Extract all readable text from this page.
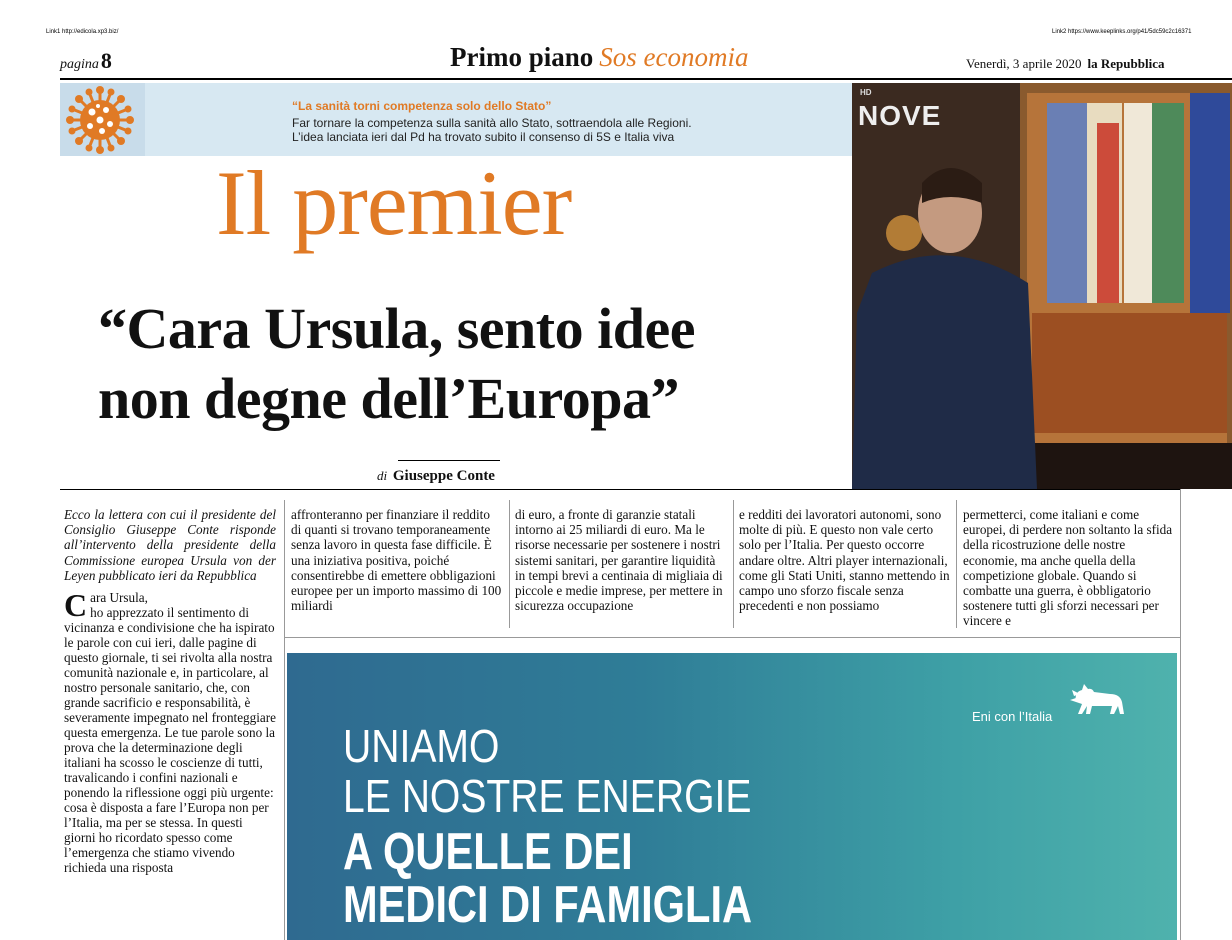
Link1 http://edicola.xp3.biz/	Link2 https://www.keeplinks.org/p41/5dc59c2c16371
pagina8	Primo piano Sos economia	Venerdì, 3 aprile 2020 la Repubblica
“La sanità torni competenza solo dello Stato”
Far tornare la competenza sulla sanità allo Stato, sottraendola alle Regioni.
L’idea lanciata ieri dal Pd ha trovato subito il consenso di 5S e Italia viva
Il premier
“Cara Ursula, sento idee
non degne dell’Europa”
di Giuseppe Conte
HD
NOVE

Ecco la lettera con cui il presidente del Consiglio Giuseppe Conte risponde all’intervento della presidente della Commissione europea Ursula von der Leyen pubblicato ieri da Repubblica

Cara Ursula,
ho apprezzato il sentimento di vicinanza e condivisione che ha ispirato le parole con cui ieri, dalle pagine di questo giornale, ti sei rivolta alla nostra comunità nazionale e, in particolare, al nostro personale sanitario, che, con grande sacrificio e responsabilità, è severamente impegnato nel fronteggiare questa emergenza. Le tue parole sono la prova che la determinazione degli italiani ha scosso le coscienze di tutti, travalicando i confini nazionali e ponendo la riflessione oggi più urgente: cosa è disposta a fare l’Europa non per l’Italia, ma per se stessa. In questi giorni ho ricordato spesso come l’emergenza che stiamo vivendo richieda una risposta

affronteranno per finanziare il reddito di quanti si trovano temporaneamente senza lavoro in questa fase difficile. È una iniziativa positiva, poiché consentirebbe di emettere obbligazioni europee per un importo massimo di 100 miliardi

di euro, a fronte di garanzie statali intorno ai 25 miliardi di euro. Ma le risorse necessarie per sostenere i nostri sistemi sanitari, per garantire liquidità in tempi brevi a centinaia di migliaia di piccole e medie imprese, per mettere in sicurezza occupazione

e redditi dei lavoratori autonomi, sono molte di più. E questo non vale certo solo per l’Italia. Per questo occorre andare oltre. Altri player internazionali, come gli Stati Uniti, stanno mettendo in campo uno sforzo fiscale senza precedenti e non possiamo

permetterci, come italiani e come europei, di perdere non soltanto la sfida della ricostruzione delle nostre economie, ma anche quella della competizione globale. Quando si combatte una guerra, è obbligatorio sostenere tutti gli sforzi necessari per vincere e

UNIAMO
LE NOSTRE ENERGIE
A QUELLE DEI
MEDICI DI FAMIGLIA
Eni con l’Italia
